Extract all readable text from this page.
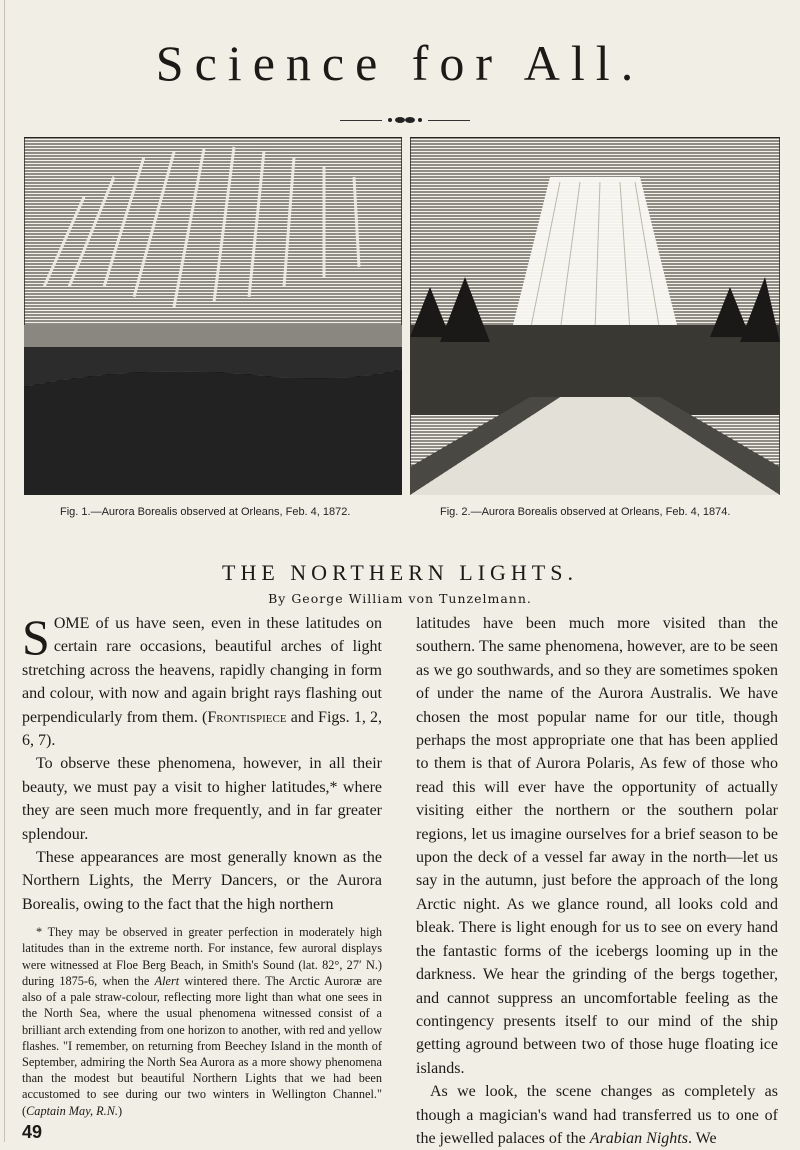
Science for All.
Fig. 1.—Aurora Borealis observed at Orleans, Feb. 4, 1872.	Fig. 2.—Aurora Borealis observed at Orleans, Feb. 4, 1874.
THE NORTHERN LIGHTS.
By George William von Tunzelmann.

SOME of us have seen, even in these latitudes on certain rare occasions, beautiful arches of light stretching across the heavens, rapidly changing in form and colour, with now and again bright rays flashing out perpendicularly from them. (Frontispiece and Figs. 1, 2, 6, 7).

To observe these phenomena, however, in all their beauty, we must pay a visit to higher latitudes,* where they are seen much more frequently, and in far greater splendour.

These appearances are most generally known as the Northern Lights, the Merry Dancers, or the Aurora Borealis, owing to the fact that the high northern

* They may be observed in greater perfection in moderately high latitudes than in the extreme north. For instance, few auroral displays were witnessed at Floe Berg Beach, in Smith's Sound (lat. 82°, 27′ N.) during 1875-6, when the Alert wintered there. The Arctic Auroræ are also of a pale straw-colour, reflecting more light than what one sees in the North Sea, where the usual phenomena witnessed consist of a brilliant arch extending from one horizon to another, with red and yellow flashes. "I remember, on returning from Beechey Island in the month of September, admiring the North Sea Aurora as a more showy phenomena than the modest but beautiful Northern Lights that we had been accustomed to see during our two winters in Wellington Channel." (Captain May, R.N.)

49

latitudes have been much more visited than the southern. The same phenomena, however, are to be seen as we go southwards, and so they are sometimes spoken of under the name of the Aurora Australis. We have chosen the most popular name for our title, though perhaps the most appropriate one that has been applied to them is that of Aurora Polaris, As few of those who read this will ever have the opportunity of actually visiting either the northern or the southern polar regions, let us imagine ourselves for a brief season to be upon the deck of a vessel far away in the north—let us say in the autumn, just before the approach of the long Arctic night. As we glance round, all looks cold and bleak. There is light enough for us to see on every hand the fantastic forms of the icebergs looming up in the darkness. We hear the grinding of the bergs together, and cannot suppress an uncomfortable feeling as the contingency presents itself to our mind of the ship getting aground between two of those huge floating ice islands.

As we look, the scene changes as completely as though a magician's wand had transferred us to one of the jewelled palaces of the Arabian Nights. We
